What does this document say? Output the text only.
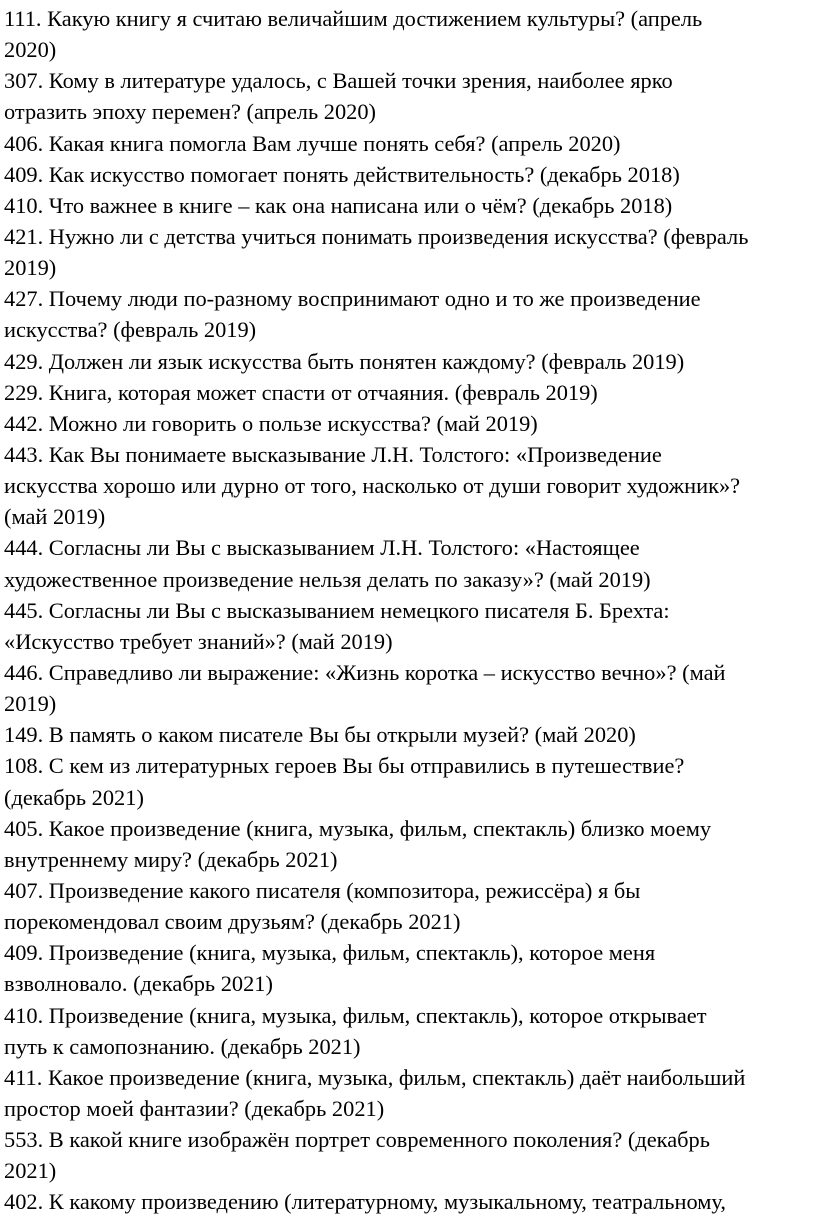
111. Какую книгу я считаю величайшим достижением культуры? (апрель
2020)
307. Кому в литературе удалось, с Вашей точки зрения, наиболее ярко
отразить эпоху перемен? (апрель 2020)
406. Какая книга помогла Вам лучше понять себя? (апрель 2020)
409. Как искусство помогает понять действительность? (декабрь 2018)
410. Что важнее в книге – как она написана или о чём? (декабрь 2018)
421. Нужно ли с детства учиться понимать произведения искусства? (февраль
2019)
427. Почему люди по-разному воспринимают одно и то же произведение
искусства? (февраль 2019)
429. Должен ли язык искусства быть понятен каждому? (февраль 2019)
229. Книга, которая может спасти от отчаяния. (февраль 2019)
442. Можно ли говорить о пользе искусства? (май 2019)
443. Как Вы понимаете высказывание Л.Н. Толстого: «Произведение
искусства хорошо или дурно от того, насколько от души говорит художник»?
(май 2019)
444. Согласны ли Вы с высказыванием Л.Н. Толстого: «Настоящее
художественное произведение нельзя делать по заказу»? (май 2019)
445. Согласны ли Вы с высказыванием немецкого писателя Б. Брехта:
«Искусство требует знаний»? (май 2019)
446. Справедливо ли выражение: «Жизнь коротка – искусство вечно»? (май
2019)
149. В память о каком писателе Вы бы открыли музей? (май 2020)
108. С кем из литературных героев Вы бы отправились в путешествие?
(декабрь 2021)
405. Какое произведение (книга, музыка, фильм, спектакль) близко моему
внутреннему миру? (декабрь 2021)
407. Произведение какого писателя (композитора, режиссёра) я бы
порекомендовал своим друзьям? (декабрь 2021)
409. Произведение (книга, музыка, фильм, спектакль), которое меня
взволновало. (декабрь 2021)
410. Произведение (книга, музыка, фильм, спектакль), которое открывает
путь к самопознанию. (декабрь 2021)
411. Какое произведение (книга, музыка, фильм, спектакль) даёт наибольший
простор моей фантазии? (декабрь 2021)
553. В какой книге изображён портрет современного поколения? (декабрь
2021)
402. К какому произведению (литературному, музыкальному, театральному,
